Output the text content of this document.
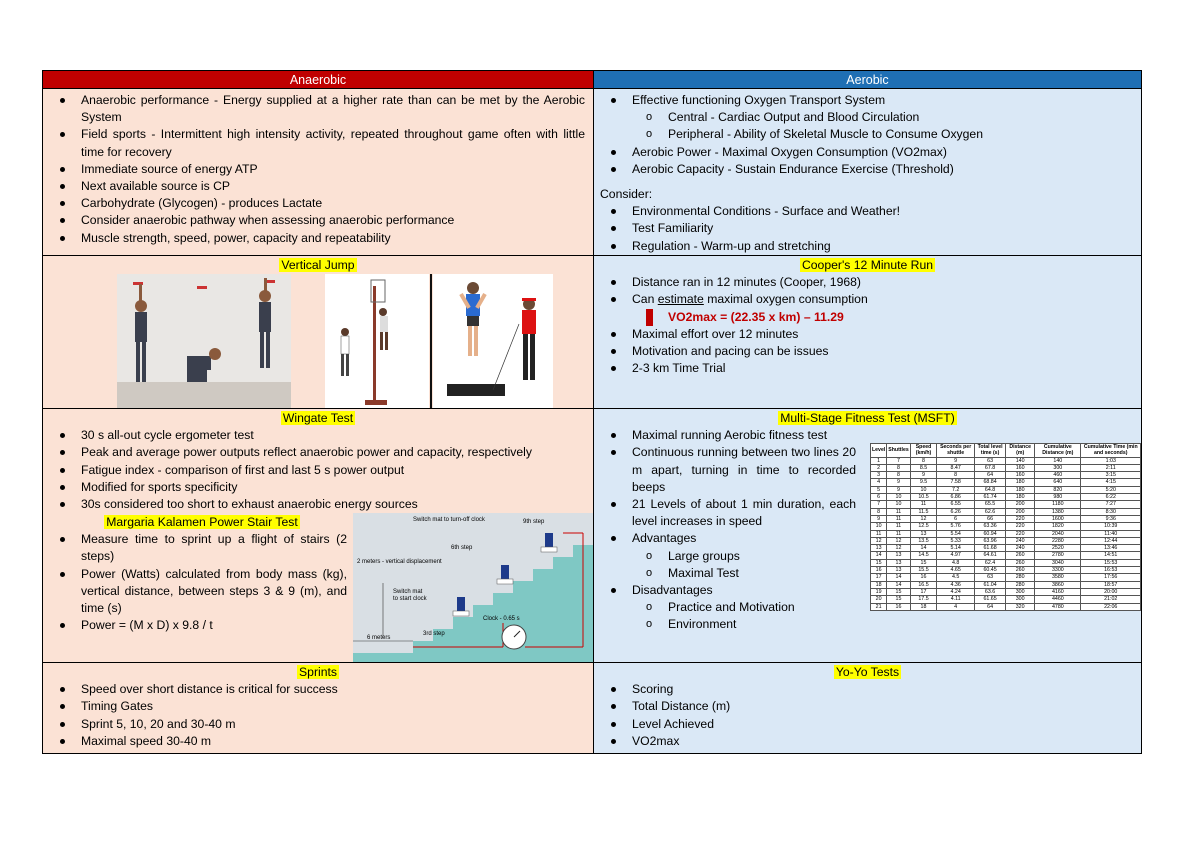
Anaerobic	Aerobic
Anaerobic performance - Energy supplied at a higher rate than can be met by the Aerobic System
Field sports - Intermittent high intensity activity, repeated throughout game often with little time for recovery
Immediate source of energy ATP
Next available source is CP
Carbohydrate (Glycogen) - produces Lactate
Consider anaerobic pathway when assessing anaerobic performance
Muscle strength, speed, power, capacity and repeatability
Effective functioning Oxygen Transport System
o Central - Cardiac Output and Blood Circulation
o Peripheral - Ability of Skeletal Muscle to Consume Oxygen
Aerobic Power - Maximal Oxygen Consumption (VO2max)
Aerobic Capacity - Sustain Endurance Exercise (Threshold)
Consider:
Environmental Conditions - Surface and Weather!
Test Familiarity
Regulation - Warm-up and stretching

Vertical Jump	Cooper's 12 Minute Run

Distance ran in 12 minutes (Cooper, 1968)
Can estimate maximal oxygen consumption
o VO2max = (22.35 x km) – 11.29
Maximal effort over 12 minutes
Motivation and pacing can be issues
2-3 km Time Trial

Wingate Test

30 s all-out cycle ergometer test
Peak and average power outputs reflect anaerobic power and capacity, respectively
Fatigue index - comparison of first and last 5 s power output
Modified for sports specificity
30s considered too short to exhaust anaerobic energy sources

Margaria Kalamen Power Stair Test

Measure time to sprint up a flight of stairs (2 steps)
Power (Watts) calculated from body mass (kg), vertical distance, between steps 3 & 9 (m), and time (s)
Power = (M x D) x 9.8 / t
Switch mat to turn-off clock	9th step
6th step
3rd step
2 meters - vertical displacement
Switch mat
to start clock
Clock - 0.65 s
6 meters

Multi-Stage Fitness Test (MSFT)

Maximal running Aerobic fitness test
Continuous running between two lines 20 m apart, turning in time to recorded beeps
21 Levels of about 1 min duration, each level increases in speed
Advantages
o Large groups
o Maximal Test
Disadvantages
o Practice and Motivation
o Environment
Level	Shuttles	Speed (km/h)	Seconds per shuttle	Total level time (s)	Distance (m)	Cumulative Distance (m)	Cumulative Time (min and seconds)
1	7	8	9	63	140	140	1:03
2	8	8.5	8.47	67.8	160	300	2:11
3	8	9	8	64	160	460	3:15
4	9	9.5	7.58	68.84	180	640	4:15
5	9	10	7.2	64.8	180	820	5:20
6	10	10.5	6.86	61.74	180	980	6:22
7	10	11	6.55	65.5	200	1180	7:27
8	11	11.5	6.26	62.6	200	1380	8:30
9	11	12	6	66	220	1600	9:36
10	11	12.5	5.76	63.36	220	1820	10:39
11	11	13	5.54	60.94	220	2040	11:40
12	12	13.5	5.33	63.96	240	2280	12:44
13	12	14	5.14	61.68	240	2520	13:46
14	13	14.5	4.97	64.61	260	2780	14:51
15	13	15	4.8	62.4	260	3040	15:53
16	13	15.5	4.65	60.45	260	3300	16:53
17	14	16	4.5	63	280	3580	17:56
18	14	16.5	4.36	61.04	280	3860	18:57
19	15	17	4.24	63.6	300	4160	20:00
20	15	17.5	4.11	61.65	300	4460	21:02
21	16	18	4	64	320	4780	22:06

Sprints

Speed over short distance is critical for success
Timing Gates
Sprint 5, 10, 20 and 30-40 m
Maximal speed 30-40 m

Yo-Yo Tests

Scoring
Total Distance (m)
Level Achieved
VO2max
